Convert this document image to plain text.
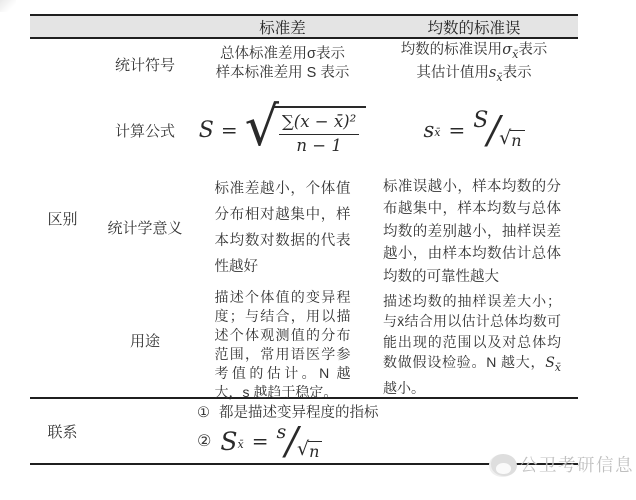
标准差	均数的标准误
区别
统计符号
总体标准差用σ表示
样本标准差用 S 表示
均数的标准误用$\sigma_{x̄}$表示
其估计值用$s_{x̄}$表示
计算公式	S = √ ∑(x − x̄)²
n − 1
$s_{x̄} = S$ / √ n
统计学意义
标准差越小，个体值分布相对越集中，样本均数对数据的代表性越好
标准误越小，样本均数的分布越集中，样本均数与总体均数的差别越小，抽样误差越小，由样本均数估计总体均数的可靠性越大
用途
描述个体值的变异程度；与结合，用以描述个体观测值的分布范围，常用语医学参考值的估计。N 越大，s 越趋于稳定。
描述均数的抽样误差大小；与x̄结合用以估计总体均数可能出现的范围以及对总体均数做假设检验。N 越大，$S_{x̄}$越小。
联系
① 都是描述变异程度的指标
② S x̄ = s / √ n
公卫考研信息
